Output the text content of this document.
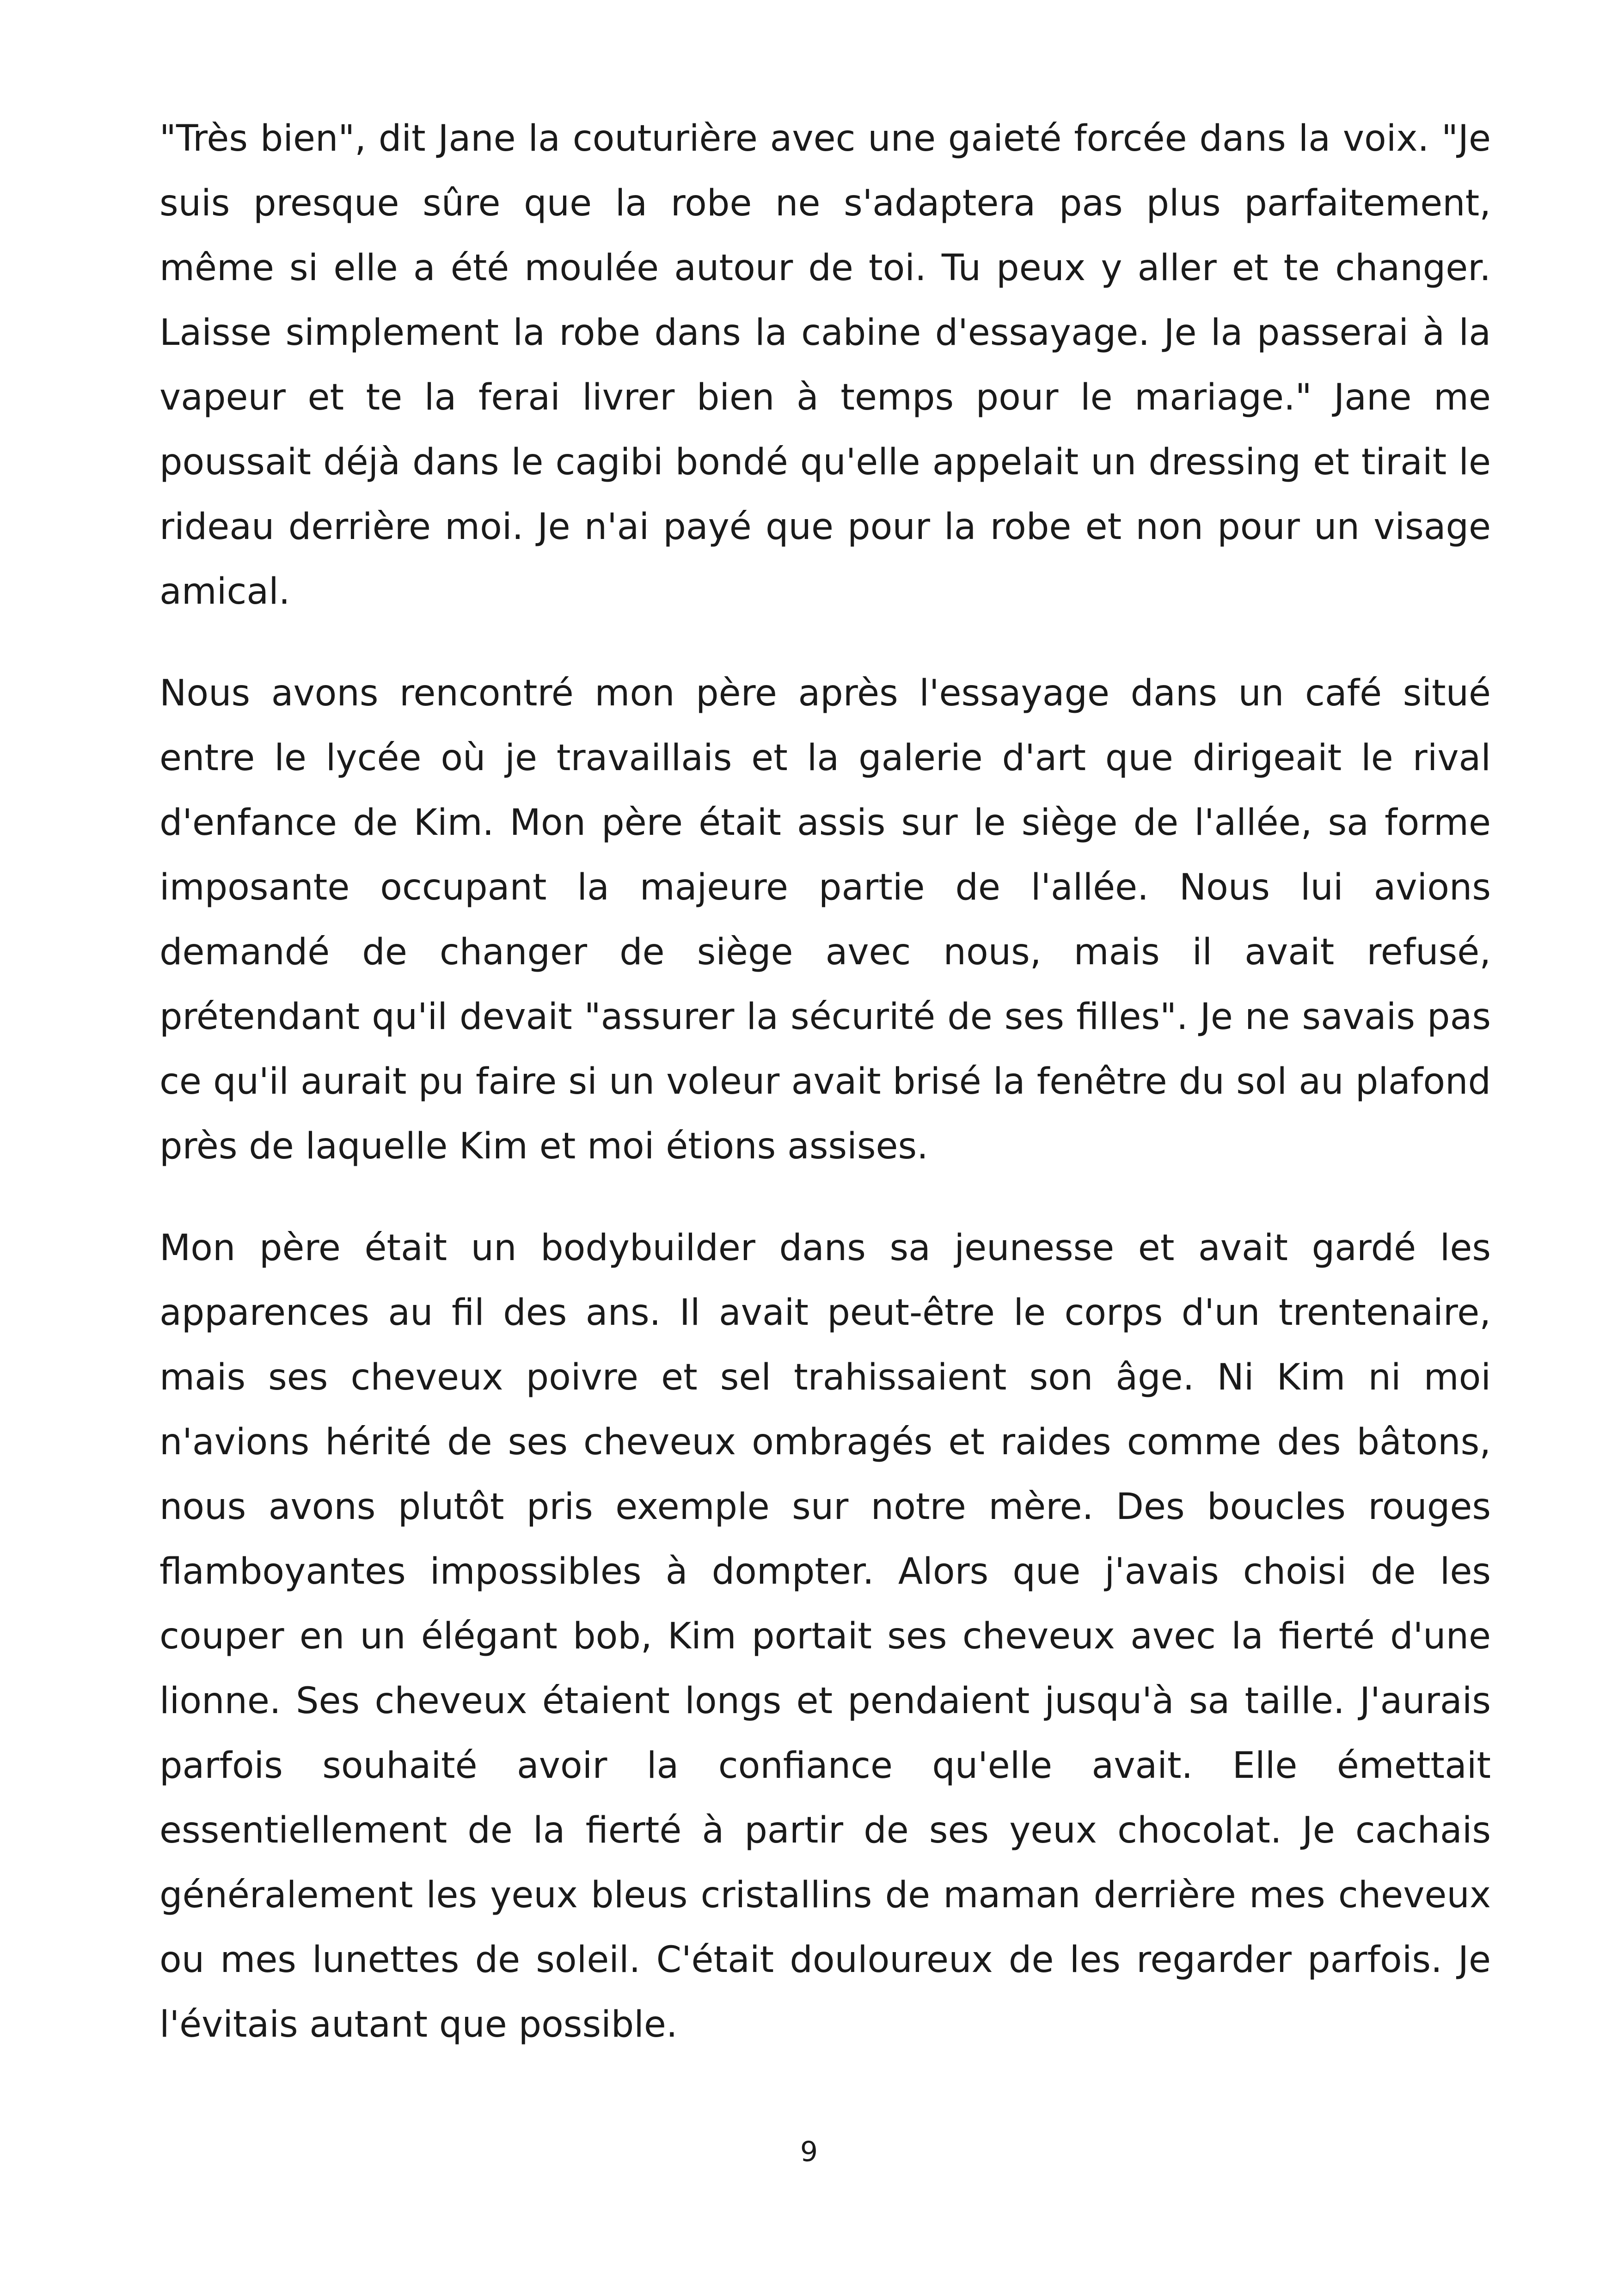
"Très bien", dit Jane la couturière avec une gaieté forcée dans la voix. "Je suis presque sûre que la robe ne s'adaptera pas plus parfaitement, même si elle a été moulée autour de toi. Tu peux y aller et te changer. Laisse simplement la robe dans la cabine d'essayage. Je la passerai à la vapeur et te la ferai livrer bien à temps pour le mariage." Jane me poussait déjà dans le cagibi bondé qu'elle appelait un dressing et tirait le rideau derrière moi. Je n'ai payé que pour la robe et non pour un visage amical.

Nous avons rencontré mon père après l'essayage dans un café situé entre le lycée où je travaillais et la galerie d'art que dirigeait le rival d'enfance de Kim. Mon père était assis sur le siège de l'allée, sa forme imposante occupant la majeure partie de l'allée. Nous lui avions demandé de changer de siège avec nous, mais il avait refusé, prétendant qu'il devait "assurer la sécurité de ses filles". Je ne savais pas ce qu'il aurait pu faire si un voleur avait brisé la fenêtre du sol au plafond près de laquelle Kim et moi étions assises.

Mon père était un bodybuilder dans sa jeunesse et avait gardé les apparences au fil des ans. Il avait peut-être le corps d'un trentenaire, mais ses cheveux poivre et sel trahissaient son âge. Ni Kim ni moi n'avions hérité de ses cheveux ombragés et raides comme des bâtons, nous avons plutôt pris exemple sur notre mère. Des boucles rouges flamboyantes impossibles à dompter. Alors que j'avais choisi de les couper en un élégant bob, Kim portait ses cheveux avec la fierté d'une lionne. Ses cheveux étaient longs et pendaient jusqu'à sa taille. J'aurais parfois souhaité avoir la confiance qu'elle avait. Elle émettait essentiellement de la fierté à partir de ses yeux chocolat. Je cachais généralement les yeux bleus cristallins de maman derrière mes cheveux ou mes lunettes de soleil. C'était douloureux de les regarder parfois. Je l'évitais autant que possible.

9
